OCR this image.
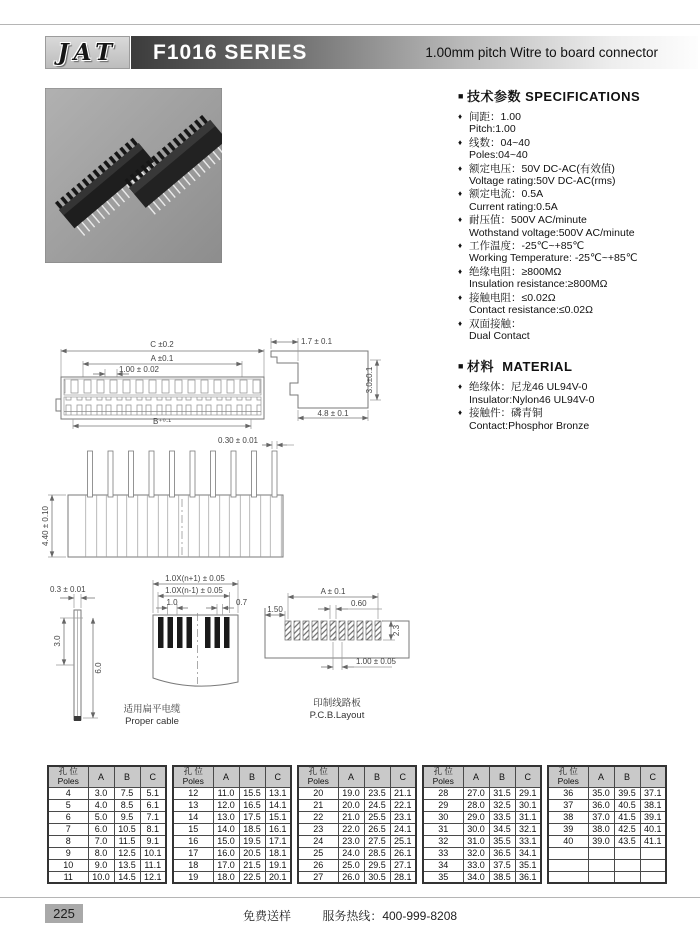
JAT F1016 SERIES	1.00mm pitch Witre to board connector
■ 技术参数 SPECIFICATIONS
♦ 间距：1.00
Pitch:1.00
♦ 线数：04~40
Poles:04~40
♦ 额定电压：50V DC-AC(有效值)
Voltage rating:50V DC-AC(rms)
♦ 额定电流：0.5A
Current rating:0.5A
♦ 耐压值：500V AC/minute
Wothstand voltage:500V AC/minute
♦ 工作温度：-25℃~+85℃
Working Temperature: -25℃~+85℃
♦ 绝缘电阻：≥800MΩ
Insulation resistance:≥800MΩ
♦ 接触电阻：≤0.02Ω
Contact resistance:≤0.02Ω
♦ 双面接触：
Dual Contact
■ 材料 MATERIAL
♦ 绝缘体：尼龙46 UL94V-0
Insulator:Nylon46 UL94V-0
♦ 接触件：磷青铜
Contact:Phosphor Bronze
C ±0.2
A ±0.1
1.00 ± 0.02
B⁺⁰·¹
1.7 ± 0.1
3.0±0.1
4.8 ± 0.1
4.40 ± 0.10
0.30 ± 0.01
0.3 ± 0.01
3.0
6.0
1.0X(n+1) ± 0.05
1.0X(n-1) ± 0.05
1.0	0.7
适用扁平电缆
Proper cable
A ± 0.1
0.60
1.50
2.3
1.00 ± 0.05
印制线路板
P.C.B.Layout
孔 位
Poles	A	B	C
4	3.0	7.5	5.1
5	4.0	8.5	6.1
6	5.0	9.5	7.1
7	6.0	10.5	8.1
8	7.0	11.5	9.1
9	8.0	12.5	10.1
10	9.0	13.5	11.1
11	10.0	14.5	12.1
孔 位
Poles	A	B	C
12	11.0	15.5	13.1
13	12.0	16.5	14.1
14	13.0	17.5	15.1
15	14.0	18.5	16.1
16	15.0	19.5	17.1
17	16.0	20.5	18.1
18	17.0	21.5	19.1
19	18.0	22.5	20.1
孔 位
Poles	A	B	C
20	19.0	23.5	21.1
21	20.0	24.5	22.1
22	21.0	25.5	23.1
23	22.0	26.5	24.1
24	23.0	27.5	25.1
25	24.0	28.5	26.1
26	25.0	29.5	27.1
27	26.0	30.5	28.1
孔 位
Poles	A	B	C
28	27.0	31.5	29.1
29	28.0	32.5	30.1
30	29.0	33.5	31.1
31	30.0	34.5	32.1
32	31.0	35.5	33.1
33	32.0	36.5	34.1
34	33.0	37.5	35.1
35	34.0	38.5	36.1
孔 位
Poles	A	B	C
36	35.0	39.5	37.1
37	36.0	40.5	38.1
38	37.0	41.5	39.1
39	38.0	42.5	40.1
40	39.0	43.5	41.1

225	免费送样	服务热线：400-999-8208
